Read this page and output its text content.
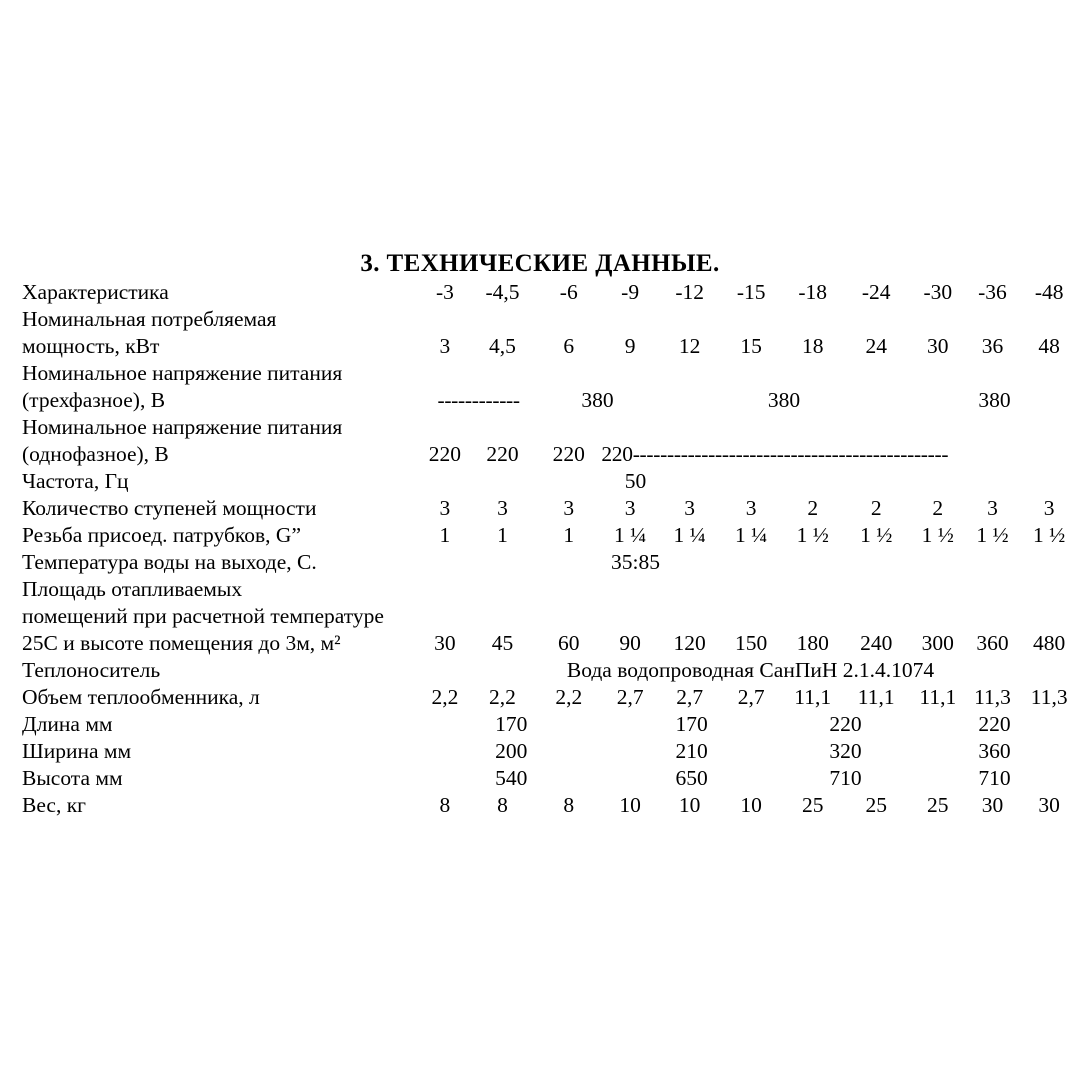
3. ТЕХНИЧЕСКИЕ ДАННЫЕ.
Характеристика	-3	-4,5	-6	-9	-12	-15	-18	-24	-30	-36	-48
Номинальная потребляемая											
мощность, кВт	3	4,5	6	9	12	15	18	24	30	36	48
Номинальное напряжение питания											
(трехфазное), В	------------		380		380				380		
Номинальное напряжение питания											
(однофазное), В	220	220	220	220----------------------------------------------							
Частота, Гц	50										
Количество ступеней мощности	3	3	3	3	3	3	2	2	2	3	3
Резьба присоед. патрубков, G”	1	1	1	1 ¼	1 ¼	1 ¼	1 ½	1 ½	1 ½	1 ½	1 ½
Температура воды на выходе, С.	35:85										
Площадь отапливаемых											
помещений при расчетной температуре											
25С и высоте помещения до 3м, м²	30	45	60	90	120	150	180	240	300	360	480
Теплоноситель	Вода водопроводная СанПиН 2.1.4.1074										
Объем теплообменника, л	2,2	2,2	2,2	2,7	2,7	2,7	11,1	11,1	11,1	11,3	11,3
Длина мм	170			170			220		220		
Ширина мм	200			210			320		360		
Высота мм	540			650			710		710		
Вес, кг	8	8	8	10	10	10	25	25	25	30	30
